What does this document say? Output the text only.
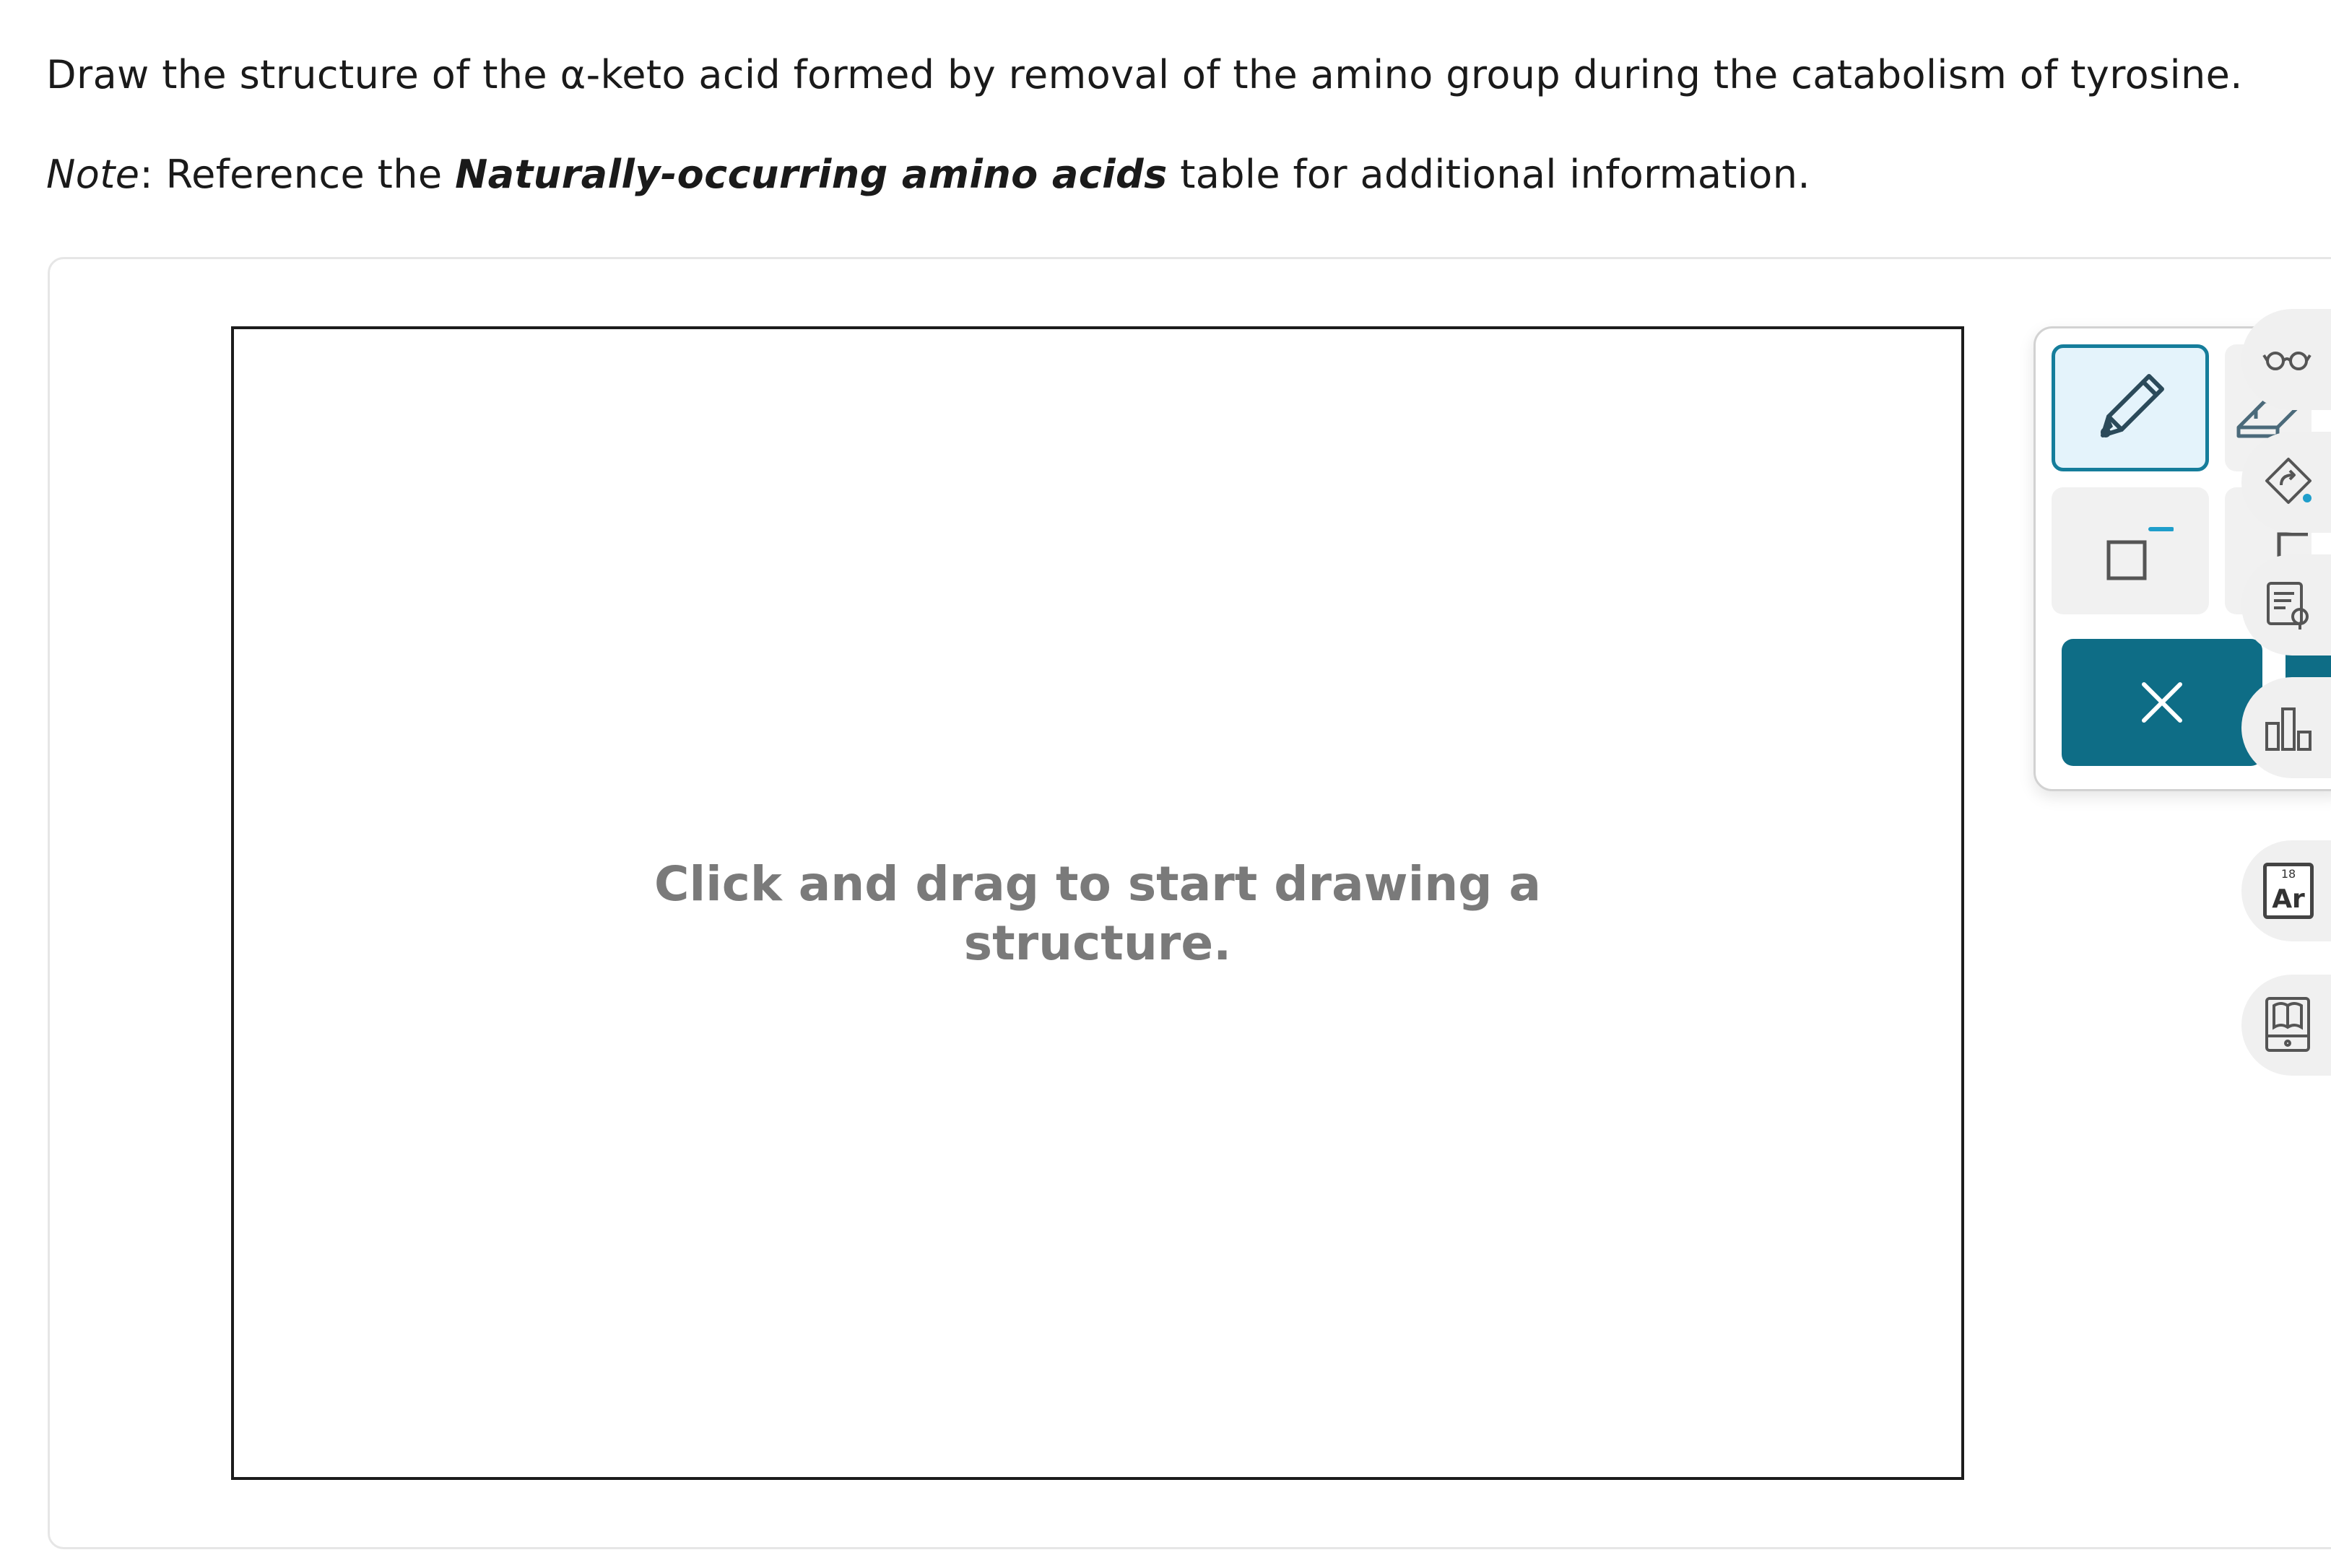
Draw the structure of the α-keto acid formed by removal of the amino group during the catabolism of tyrosine.
Note: Reference the Naturally-occurring amino acids table for additional information.
Click and drag to start drawing a
structure.
18
Ar
